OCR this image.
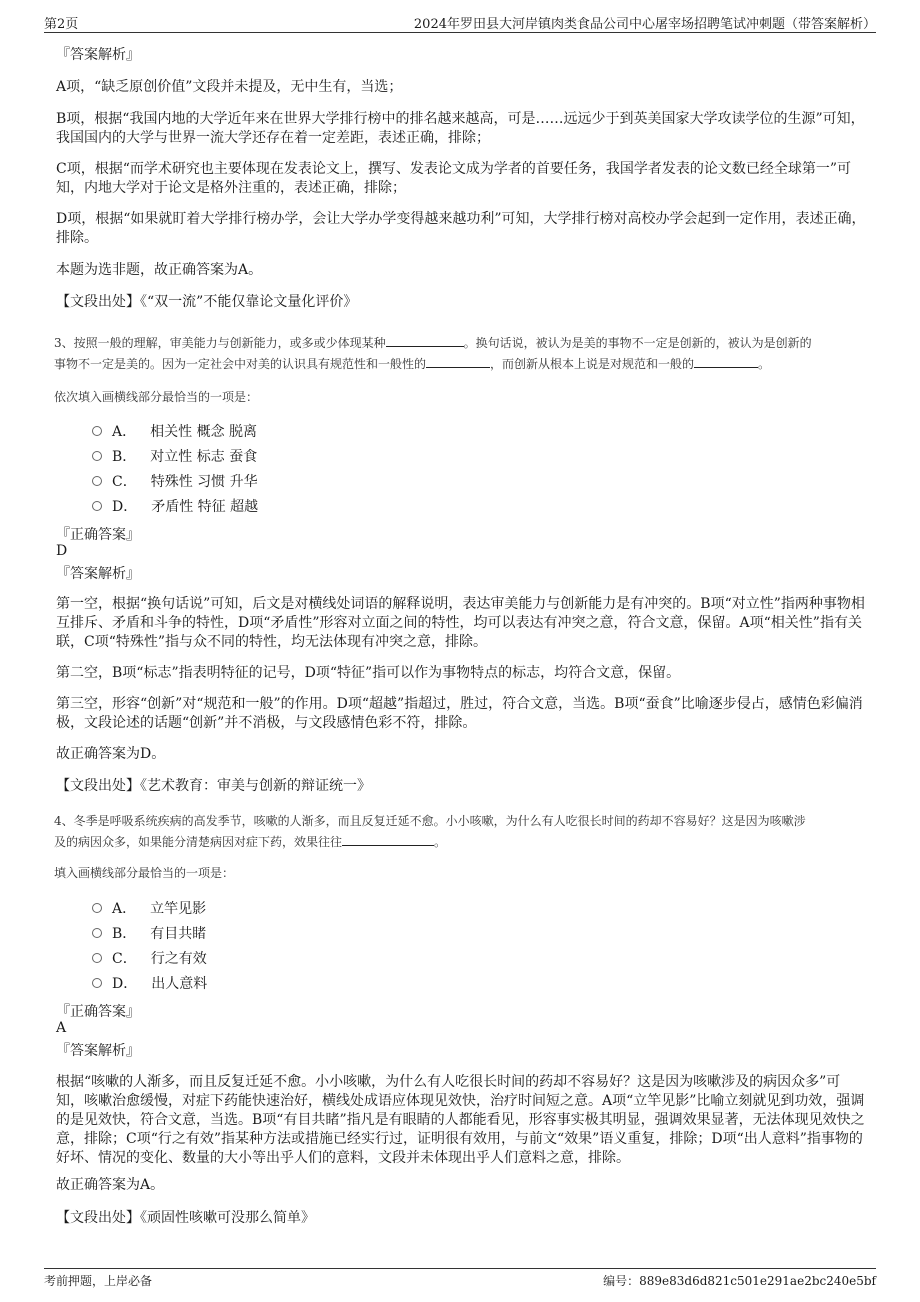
第2页	2024年罗田县大河岸镇肉类食品公司中心屠宰场招聘笔试冲刺题（带答案解析）
『答案解析』
A项，“缺乏原创价值”文段并未提及，无中生有，当选；
B项，根据“我国内地的大学近年来在世界大学排行榜中的排名越来越高，可是……远远少于到英美国家大学攻读学位的生源”可知，我国国内的大学与世界一流大学还存在着一定差距，表述正确，排除；
C项，根据“而学术研究也主要体现在发表论文上，撰写、发表论文成为学者的首要任务，我国学者发表的论文数已经全球第一”可知，内地大学对于论文是格外注重的，表述正确，排除；
D项，根据“如果就盯着大学排行榜办学，会让大学办学变得越来越功利”可知，大学排行榜对高校办学会起到一定作用，表述正确，排除。
本题为选非题，故正确答案为A。
【文段出处】《“双一流”不能仅靠论文量化评价》
3、按照一般的理解，审美能力与创新能力，或多或少体现某种	。换句话说，被认为是美的事物不一定是创新的，被认为是创新的
事物不一定是美的。因为一定社会中对美的认识具有规范性和一般性的	，而创新从根本上说是对规范和一般的	。
依次填入画横线部分最恰当的一项是：
A． 相关性 概念 脱离
B． 对立性 标志 蚕食
C． 特殊性 习惯 升华
D． 矛盾性 特征 超越
『正确答案』
D
『答案解析』
第一空，根据“换句话说”可知，后文是对横线处词语的解释说明，表达审美能力与创新能力是有冲突的。B项“对立性”指两种事物相互排斥、矛盾和斗争的特性，D项“矛盾性”形容对立面之间的特性，均可以表达有冲突之意，符合文意，保留。A项“相关性”指有关联，C项“特殊性”指与众不同的特性，均无法体现有冲突之意，排除。
第二空，B项“标志”指表明特征的记号，D项“特征”指可以作为事物特点的标志，均符合文意，保留。
第三空，形容“创新”对“规范和一般”的作用。D项“超越”指超过，胜过，符合文意，当选。B项“蚕食”比喻逐步侵占，感情色彩偏消极，文段论述的话题“创新”并不消极，与文段感情色彩不符，排除。
故正确答案为D。
【文段出处】《艺术教育：审美与创新的辩证统一》
4、冬季是呼吸系统疾病的高发季节，咳嗽的人渐多，而且反复迁延不愈。小小咳嗽，为什么有人吃很长时间的药却不容易好？这是因为咳嗽涉
及的病因众多，如果能分清楚病因对症下药，效果往往	。
填入画横线部分最恰当的一项是：
A． 立竿见影
B． 有目共睹
C． 行之有效
D． 出人意料
『正确答案』
A
『答案解析』
根据“咳嗽的人渐多，而且反复迁延不愈。小小咳嗽，为什么有人吃很长时间的药却不容易好？这是因为咳嗽涉及的病因众多”可知，咳嗽治愈缓慢，对症下药能快速治好，横线处成语应体现见效快，治疗时间短之意。A项“立竿见影”比喻立刻就见到功效，强调的是见效快，符合文意，当选。B项“有目共睹”指凡是有眼睛的人都能看见，形容事实极其明显，强调效果显著，无法体现见效快之意，排除；C项“行之有效”指某种方法或措施已经实行过，证明很有效用，与前文“效果”语义重复，排除；D项“出人意料”指事物的好坏、情况的变化、数量的大小等出乎人们的意料，文段并未体现出乎人们意料之意，排除。
故正确答案为A。
【文段出处】《顽固性咳嗽可没那么简单》
考前押题，上岸必备	编号：889e83d6d821c501e291ae2bc240e5bf
